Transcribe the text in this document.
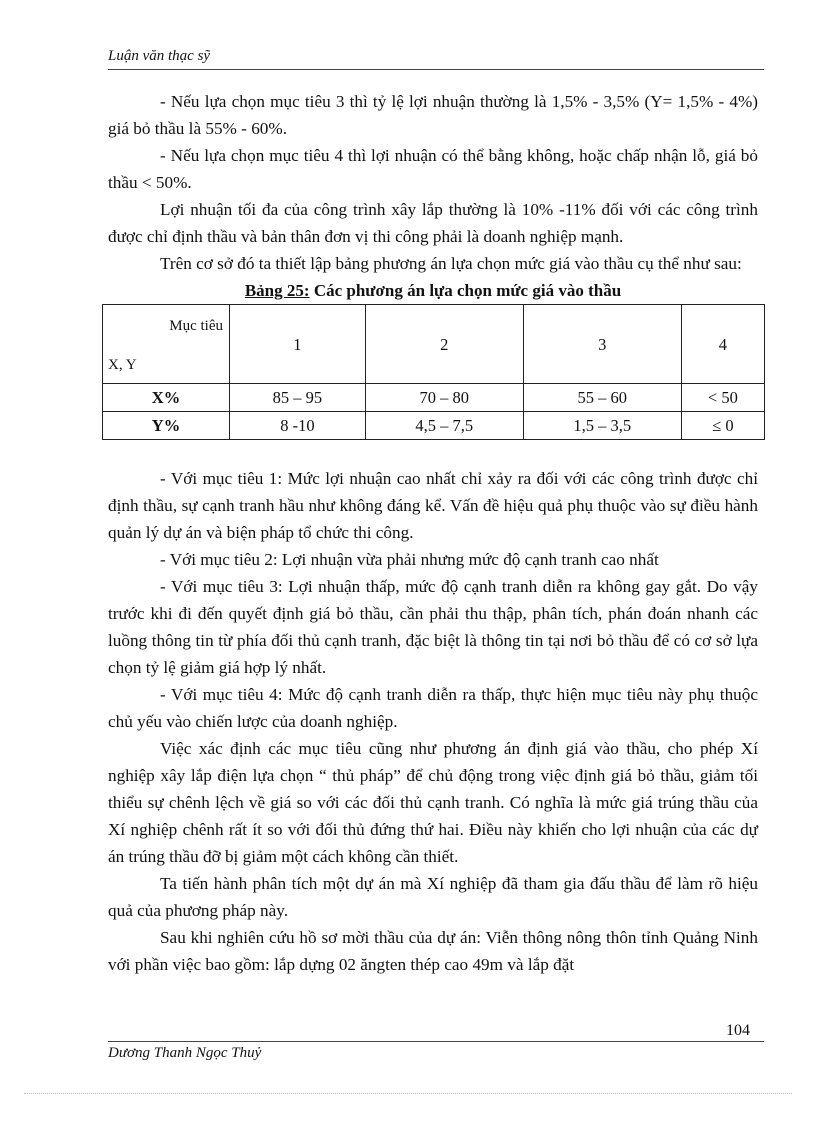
Luận văn thạc sỹ

- Nếu lựa chọn mục tiêu 3 thì tỷ lệ lợi nhuận thường là 1,5% - 3,5% (Y= 1,5% - 4%) giá bỏ thầu là 55% - 60%.

- Nếu lựa chọn mục tiêu 4 thì lợi nhuận có thể bằng không, hoặc chấp nhận lỗ, giá bỏ thầu < 50%.

Lợi nhuận tối đa của công trình xây lắp thường là 10% -11% đối với các công trình được chỉ định thầu và bản thân đơn vị thi công phải là doanh nghiệp mạnh.

Trên cơ sở đó ta thiết lập bảng phương án lựa chọn mức giá vào thầu cụ thể như sau:

Bảng 25: Các phương án lựa chọn mức giá vào thầu

Mục tiêu
X, Y	1	2	3	4
X%	85 – 95	70 – 80	55 – 60	< 50
Y%	8 -10	4,5 – 7,5	1,5 – 3,5	≤ 0

- Với mục tiêu 1: Mức lợi nhuận cao nhất chỉ xảy ra đối với các công trình được chỉ định thầu, sự cạnh tranh hầu như không đáng kể. Vấn đề hiệu quả phụ thuộc vào sự điều hành quản lý dự án và biện pháp tổ chức thi công.

- Với mục tiêu 2: Lợi nhuận vừa phải nhưng mức độ cạnh tranh cao nhất

- Với mục tiêu 3: Lợi nhuận thấp, mức độ cạnh tranh diễn ra không gay gắt. Do vậy trước khi đi đến quyết định giá bỏ thầu, cần phải thu thập, phân tích, phán đoán nhanh các luồng thông tin từ phía đối thủ cạnh tranh, đặc biệt là thông tin tại nơi bỏ thầu để có cơ sở lựa chọn tỷ lệ giảm giá hợp lý nhất.

- Với mục tiêu 4: Mức độ cạnh tranh diễn ra thấp, thực hiện mục tiêu này phụ thuộc chủ yếu vào chiến lược của doanh nghiệp.

Việc xác định các mục tiêu cũng như phương án định giá vào thầu, cho phép Xí nghiệp xây lắp điện lựa chọn “ thủ pháp” để chủ động trong việc định giá bỏ thầu, giảm tối thiểu sự chênh lệch về giá so với các đối thủ cạnh tranh. Có nghĩa là mức giá trúng thầu của Xí nghiệp chênh rất ít so với đối thủ đứng thứ hai. Điều này khiến cho lợi nhuận của các dự án trúng thầu đỡ bị giảm một cách không cần thiết.

Ta tiến hành phân tích một dự án mà Xí nghiệp đã tham gia đấu thầu để làm rõ hiệu quả của phương pháp này.

Sau khi nghiên cứu hồ sơ mời thầu của dự án: Viễn thông nông thôn tỉnh Quảng Ninh với phần việc bao gồm: lắp dựng 02 ăngten thép cao 49m và lắp đặt

104
Dương Thanh Ngọc Thuỷ
